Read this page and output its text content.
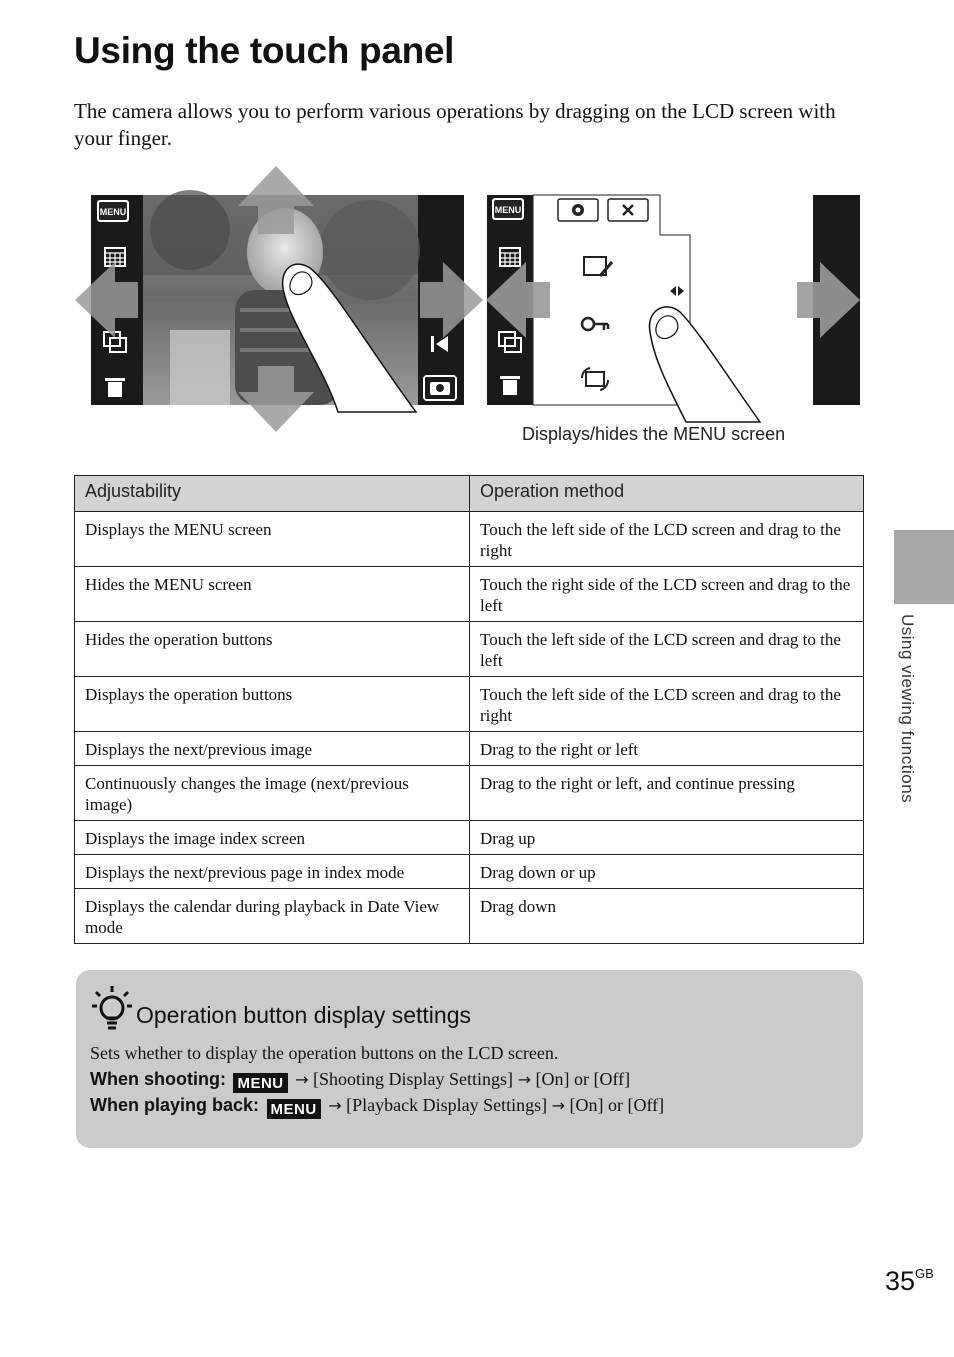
Using the touch panel

The camera allows you to perform various operations by dragging on the LCD screen with your finger.

MENU	MENU
Displays/hides the MENU screen
Adjustability	Operation method
Displays the MENU screen	Touch the left side of the LCD screen and drag to the right
Hides the MENU screen	Touch the right side of the LCD screen and drag to the left
Hides the operation buttons	Touch the left side of the LCD screen and drag to the left
Displays the operation buttons	Touch the left side of the LCD screen and drag to the right
Displays the next/previous image	Drag to the right or left
Continuously changes the image (next/previous image)	Drag to the right or left, and continue pressing
Displays the image index screen	Drag up
Displays the next/previous page in index mode	Drag down or up
Displays the calendar during playback in Date View mode	Drag down
Operation button display settings
Sets whether to display the operation buttons on the LCD screen.
When shooting: MENU → [Shooting Display Settings] → [On] or [Off]
When playing back: MENU → [Playback Display Settings] → [On] or [Off]
Using viewing functions
$35^{GB}$
